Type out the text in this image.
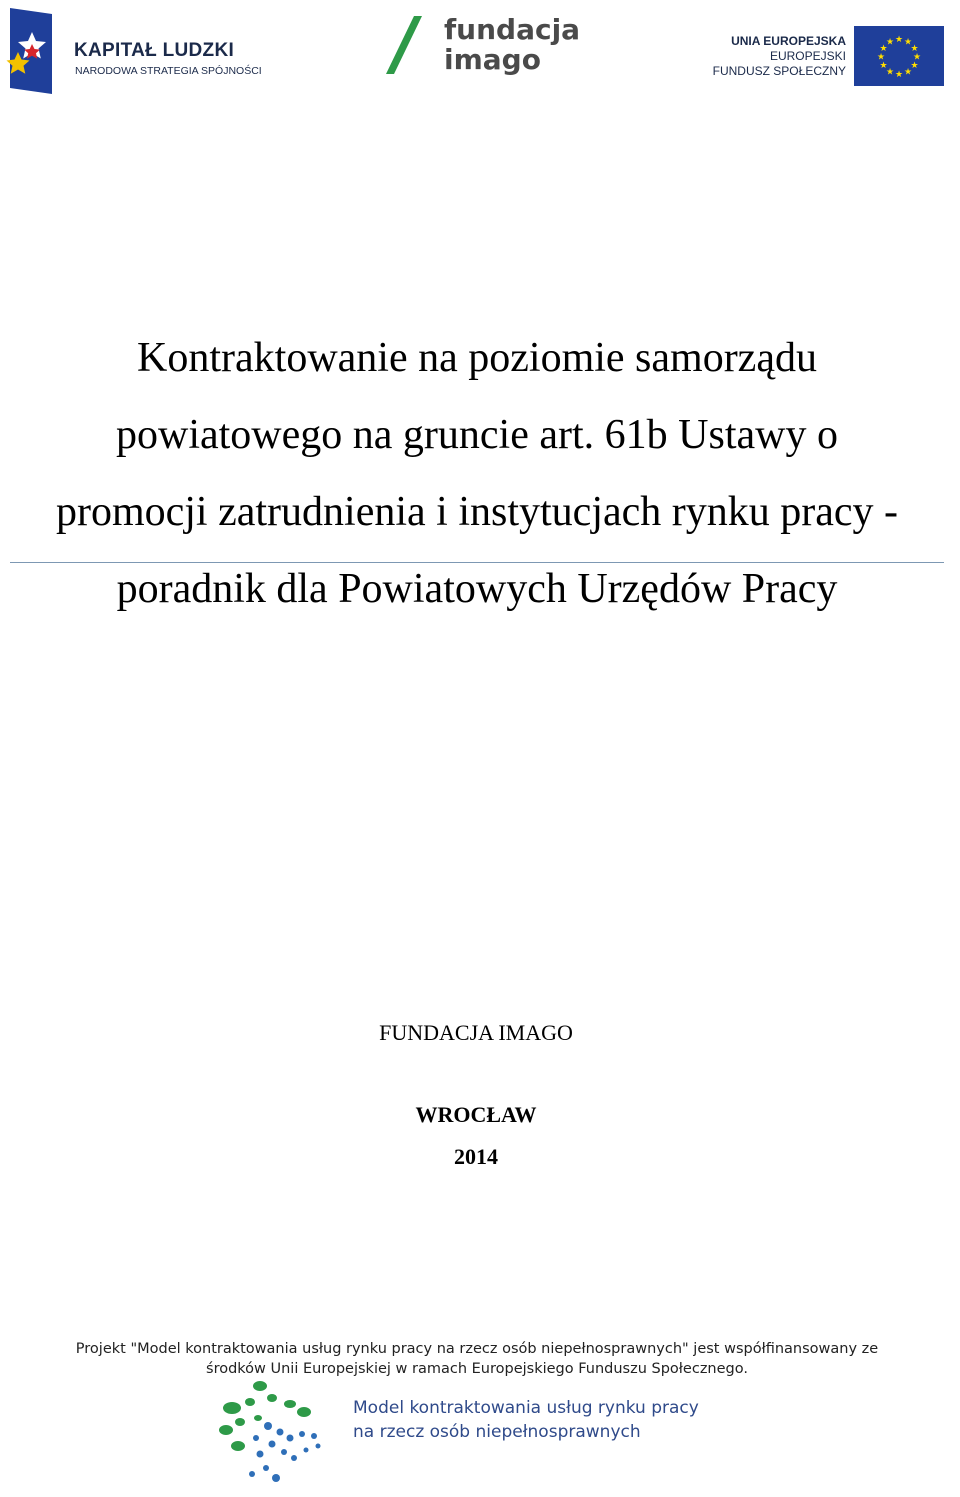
KAPITAŁ LUDZKI
NARODOWA STRATEGIA SPÓJNOŚCI
fundacja
imago
UNIA EUROPEJSKA
EUROPEJSKI
FUNDUSZ SPOŁECZNY
★ ★
★
★
★
★
★
★
★
★
★
★
Kontraktowanie na poziomie samorządu
powiatowego na gruncie art. 61b Ustawy o
promocji zatrudnienia i instytucjach rynku pracy -
poradnik dla Powiatowych Urzędów Pracy
FUNDACJA IMAGO
WROCŁAW
2014
Projekt "Model kontraktowania usług rynku pracy na rzecz osób niepełnosprawnych" jest współfinansowany ze
środków Unii Europejskiej w ramach Europejskiego Funduszu Społecznego.
Model kontraktowania usług rynku pracy
na rzecz osób niepełnosprawnych
